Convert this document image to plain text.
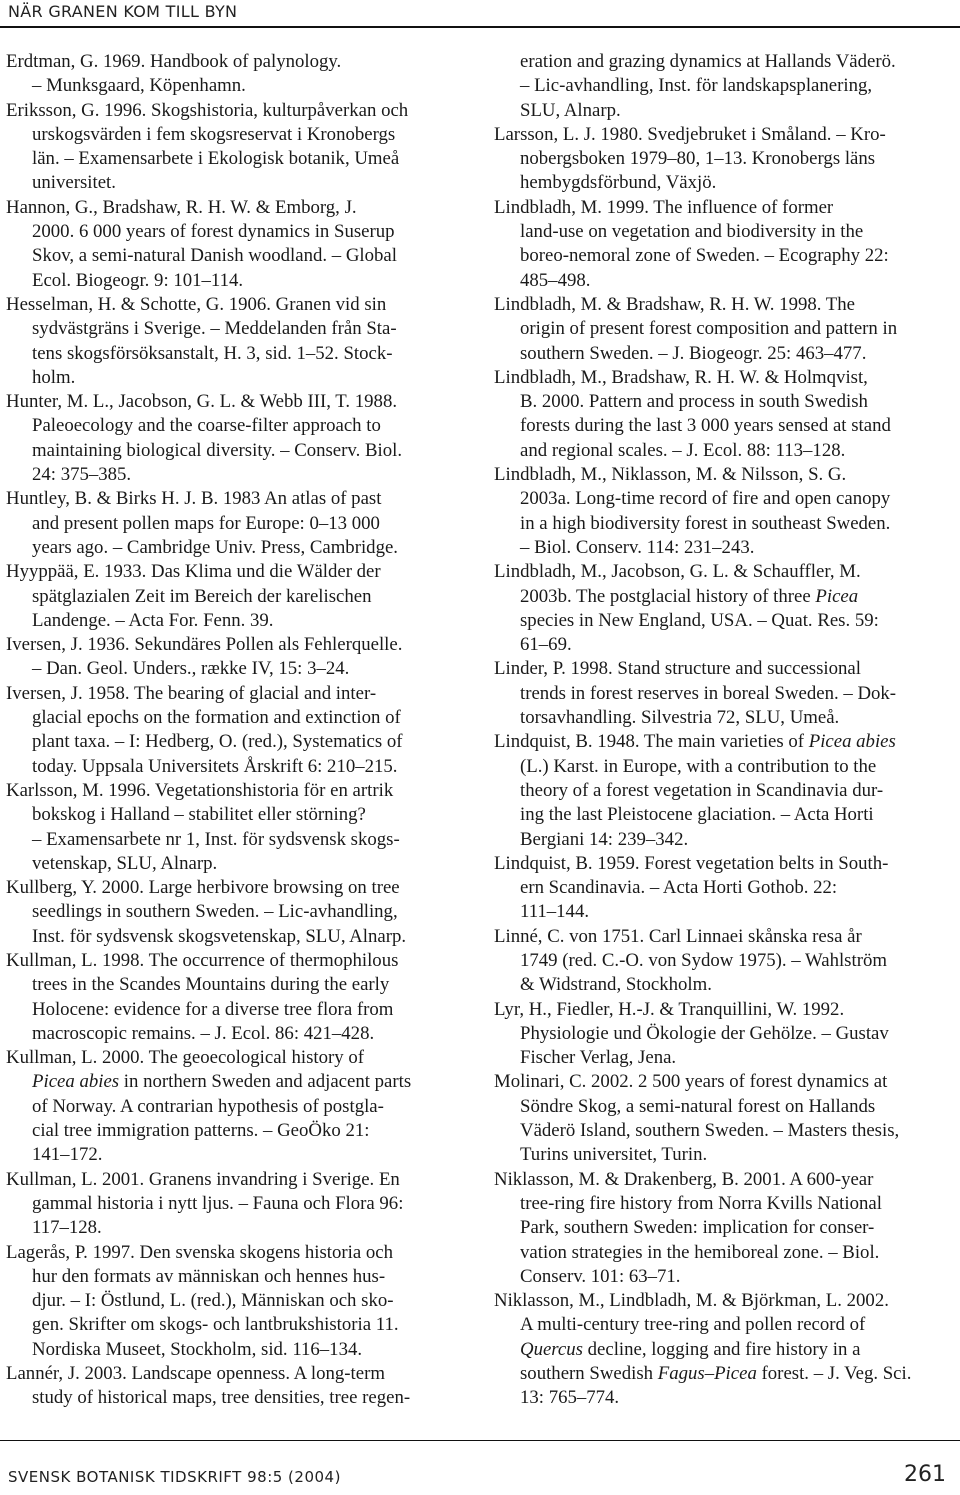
NÄR GRANEN KOM TILL BYN
Erdtman, G. 1969. Handbook of palynology.
– Munksgaard, Köpenhamn.
Eriksson, G. 1996. Skogshistoria, kulturpåverkan och
urskogsvärden i fem skogsreservat i Kronobergs
län. – Examensarbete i Ekologisk botanik, Umeå
universitet.
Hannon, G., Bradshaw, R. H. W. & Emborg, J.
2000. 6 000 years of forest dynamics in Suserup
Skov, a semi-natural Danish woodland. – Global
Ecol. Biogeogr. 9: 101–114.
Hesselman, H. & Schotte, G. 1906. Granen vid sin
sydvästgräns i Sverige. – Meddelanden från Sta-
tens skogsförsöksanstalt, H. 3, sid. 1–52. Stock-
holm.
Hunter, M. L., Jacobson, G. L. & Webb III, T. 1988.
Paleoecology and the coarse-filter approach to
maintaining biological diversity. – Conserv. Biol.
24: 375–385.
Huntley, B. & Birks H. J. B. 1983 An atlas of past
and present pollen maps for Europe: 0–13 000
years ago. – Cambridge Univ. Press, Cambridge.
Hyyppää, E. 1933. Das Klima und die Wälder der
spätglazialen Zeit im Bereich der karelischen
Landenge. – Acta For. Fenn. 39.
Iversen, J. 1936. Sekundäres Pollen als Fehlerquelle.
– Dan. Geol. Unders., række IV, 15: 3–24.
Iversen, J. 1958. The bearing of glacial and inter-
glacial epochs on the formation and extinction of
plant taxa. – I: Hedberg, O. (red.), Systematics of
today. Uppsala Universitets Årskrift 6: 210–215.
Karlsson, M. 1996. Vegetationshistoria för en artrik
bokskog i Halland – stabilitet eller störning?
– Examensarbete nr 1, Inst. för sydsvensk skogs-
vetenskap, SLU, Alnarp.
Kullberg, Y. 2000. Large herbivore browsing on tree
seedlings in southern Sweden. – Lic-avhandling,
Inst. för sydsvensk skogsvetenskap, SLU, Alnarp.
Kullman, L. 1998. The occurrence of thermophilous
trees in the Scandes Mountains during the early
Holocene: evidence for a diverse tree flora from
macroscopic remains. – J. Ecol. 86: 421–428.
Kullman, L. 2000. The geoecological history of
Picea abies in northern Sweden and adjacent parts
of Norway. A contrarian hypothesis of postgla-
cial tree immigration patterns. – GeoÖko 21:
141–172.
Kullman, L. 2001. Granens invandring i Sverige. En
gammal historia i nytt ljus. – Fauna och Flora 96:
117–128.
Lagerås, P. 1997. Den svenska skogens historia och
hur den formats av människan och hennes hus-
djur. – I: Östlund, L. (red.), Människan och sko-
gen. Skrifter om skogs- och lantbrukshistoria 11.
Nordiska Museet, Stockholm, sid. 116–134.
Lannér, J. 2003. Landscape openness. A long-term
study of historical maps, tree densities, tree regen-
eration and grazing dynamics at Hallands Väderö.
– Lic-avhandling, Inst. för landskapsplanering,
SLU, Alnarp.
Larsson, L. J. 1980. Svedjebruket i Småland. – Kro-
nobergsboken 1979–80, 1–13. Kronobergs läns
hembygdsförbund, Växjö.
Lindbladh, M. 1999. The influence of former
land-use on vegetation and biodiversity in the
boreo-nemoral zone of Sweden. – Ecography 22:
485–498.
Lindbladh, M. & Bradshaw, R. H. W. 1998. The
origin of present forest composition and pattern in
southern Sweden. – J. Biogeogr. 25: 463–477.
Lindbladh, M., Bradshaw, R. H. W. & Holmqvist,
B. 2000. Pattern and process in south Swedish
forests during the last 3 000 years sensed at stand
and regional scales. – J. Ecol. 88: 113–128.
Lindbladh, M., Niklasson, M. & Nilsson, S. G.
2003a. Long-time record of fire and open canopy
in a high biodiversity forest in southeast Sweden.
– Biol. Conserv. 114: 231–243.
Lindbladh, M., Jacobson, G. L. & Schauffler, M.
2003b. The postglacial history of three Picea
species in New England, USA. – Quat. Res. 59:
61–69.
Linder, P. 1998. Stand structure and successional
trends in forest reserves in boreal Sweden. – Dok-
torsavhandling. Silvestria 72, SLU, Umeå.
Lindquist, B. 1948. The main varieties of Picea abies
(L.) Karst. in Europe, with a contribution to the
theory of a forest vegetation in Scandinavia dur-
ing the last Pleistocene glaciation. – Acta Horti
Bergiani 14: 239–342.
Lindquist, B. 1959. Forest vegetation belts in South-
ern Scandinavia. – Acta Horti Gothob. 22:
111–144.
Linné, C. von 1751. Carl Linnaei skånska resa år
1749 (red. C.-O. von Sydow 1975). – Wahlström
& Widstrand, Stockholm.
Lyr, H., Fiedler, H.-J. & Tranquillini, W. 1992.
Physiologie und Ökologie der Gehölze. – Gustav
Fischer Verlag, Jena.
Molinari, C. 2002. 2 500 years of forest dynamics at
Söndre Skog, a semi-natural forest on Hallands
Väderö Island, southern Sweden. – Masters thesis,
Turins universitet, Turin.
Niklasson, M. & Drakenberg, B. 2001. A 600-year
tree-ring fire history from Norra Kvills National
Park, southern Sweden: implication for conser-
vation strategies in the hemiboreal zone. – Biol.
Conserv. 101: 63–71.
Niklasson, M., Lindbladh, M. & Björkman, L. 2002.
A multi-century tree-ring and pollen record of
Quercus decline, logging and fire history in a
southern Swedish Fagus–Picea forest. – J. Veg. Sci.
13: 765–774.
SVENSK BOTANISK TIDSKRIFT 98:5 (2004)	261
